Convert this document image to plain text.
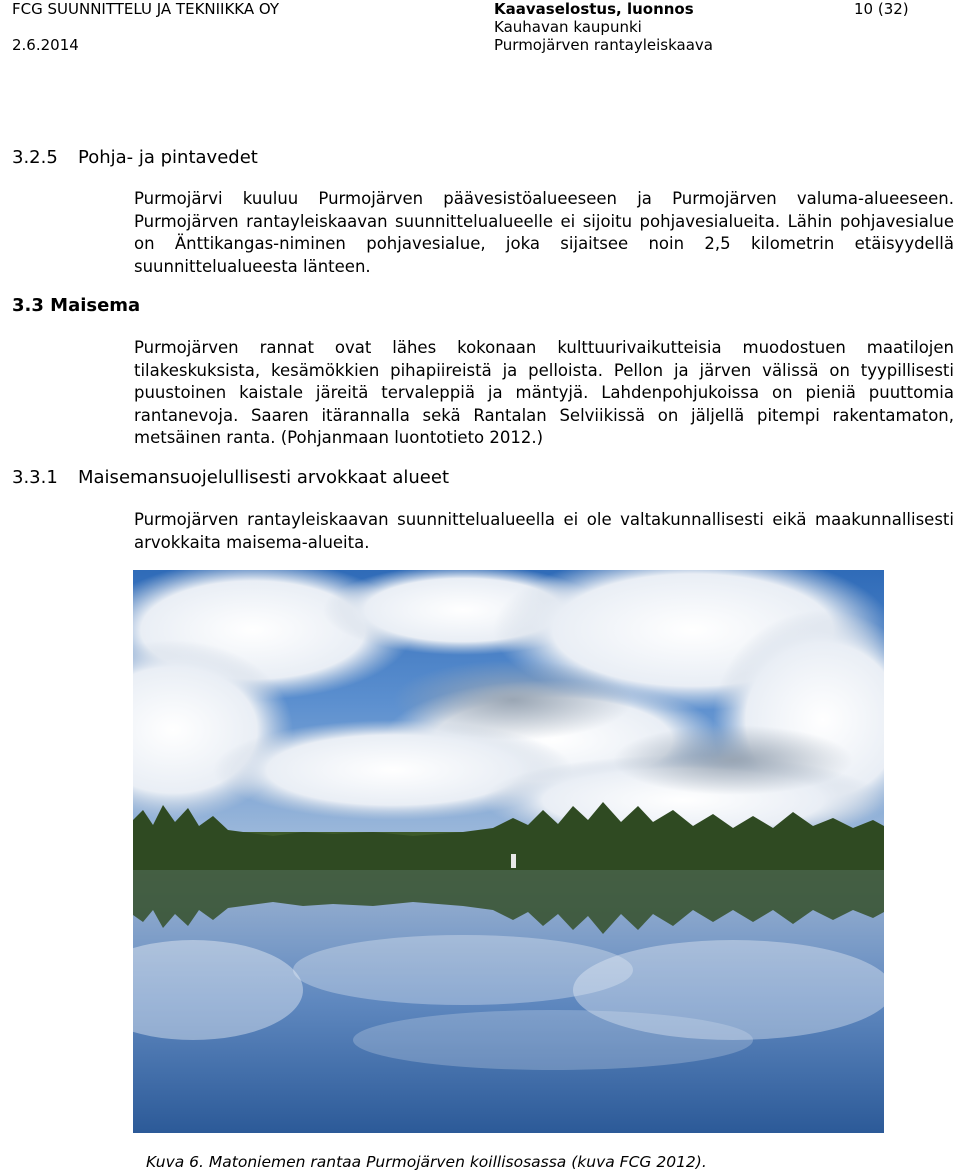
FCG SUUNNITTELU JA TEKNIIKKA OY
2.6.2014
Kaavaselostus, luonnos
Kauhavan kaupunki
Purmojärven rantayleiskaava
10 (32)
3.2.5 Pohja- ja pintavedet
Purmojärvi kuuluu Purmojärven päävesistöalueeseen ja Purmojärven valuma-alueeseen. Purmojärven rantayleiskaavan suunnittelualueelle ei sijoitu pohjavesialueita. Lähin pohjavesialue on Änttikangas-niminen pohjavesialue, joka sijaitsee noin 2,5 kilometrin etäisyydellä suunnittelualueesta länteen.
3.3 Maisema
Purmojärven rannat ovat lähes kokonaan kulttuurivaikutteisia muodostuen maatilojen tilakeskuksista, kesämökkien pihapiireistä ja pelloista. Pellon ja järven välissä on tyypillisesti puustoinen kaistale järeitä tervaleppiä ja mäntyjä. Lahdenpohjukoissa on pieniä puuttomia rantanevoja. Saaren itärannalla sekä Rantalan Selviikissä on jäljellä pitempi rakentamaton, metsäinen ranta. (Pohjanmaan luontotieto 2012.)
3.3.1 Maisemansuojelullisesti arvokkaat alueet
Purmojärven rantayleiskaavan suunnittelualueella ei ole valtakunnallisesti eikä maakunnallisesti arvokkaita maisema-alueita.
Kuva 6. Matoniemen rantaa Purmojärven koillisosassa (kuva FCG 2012).
